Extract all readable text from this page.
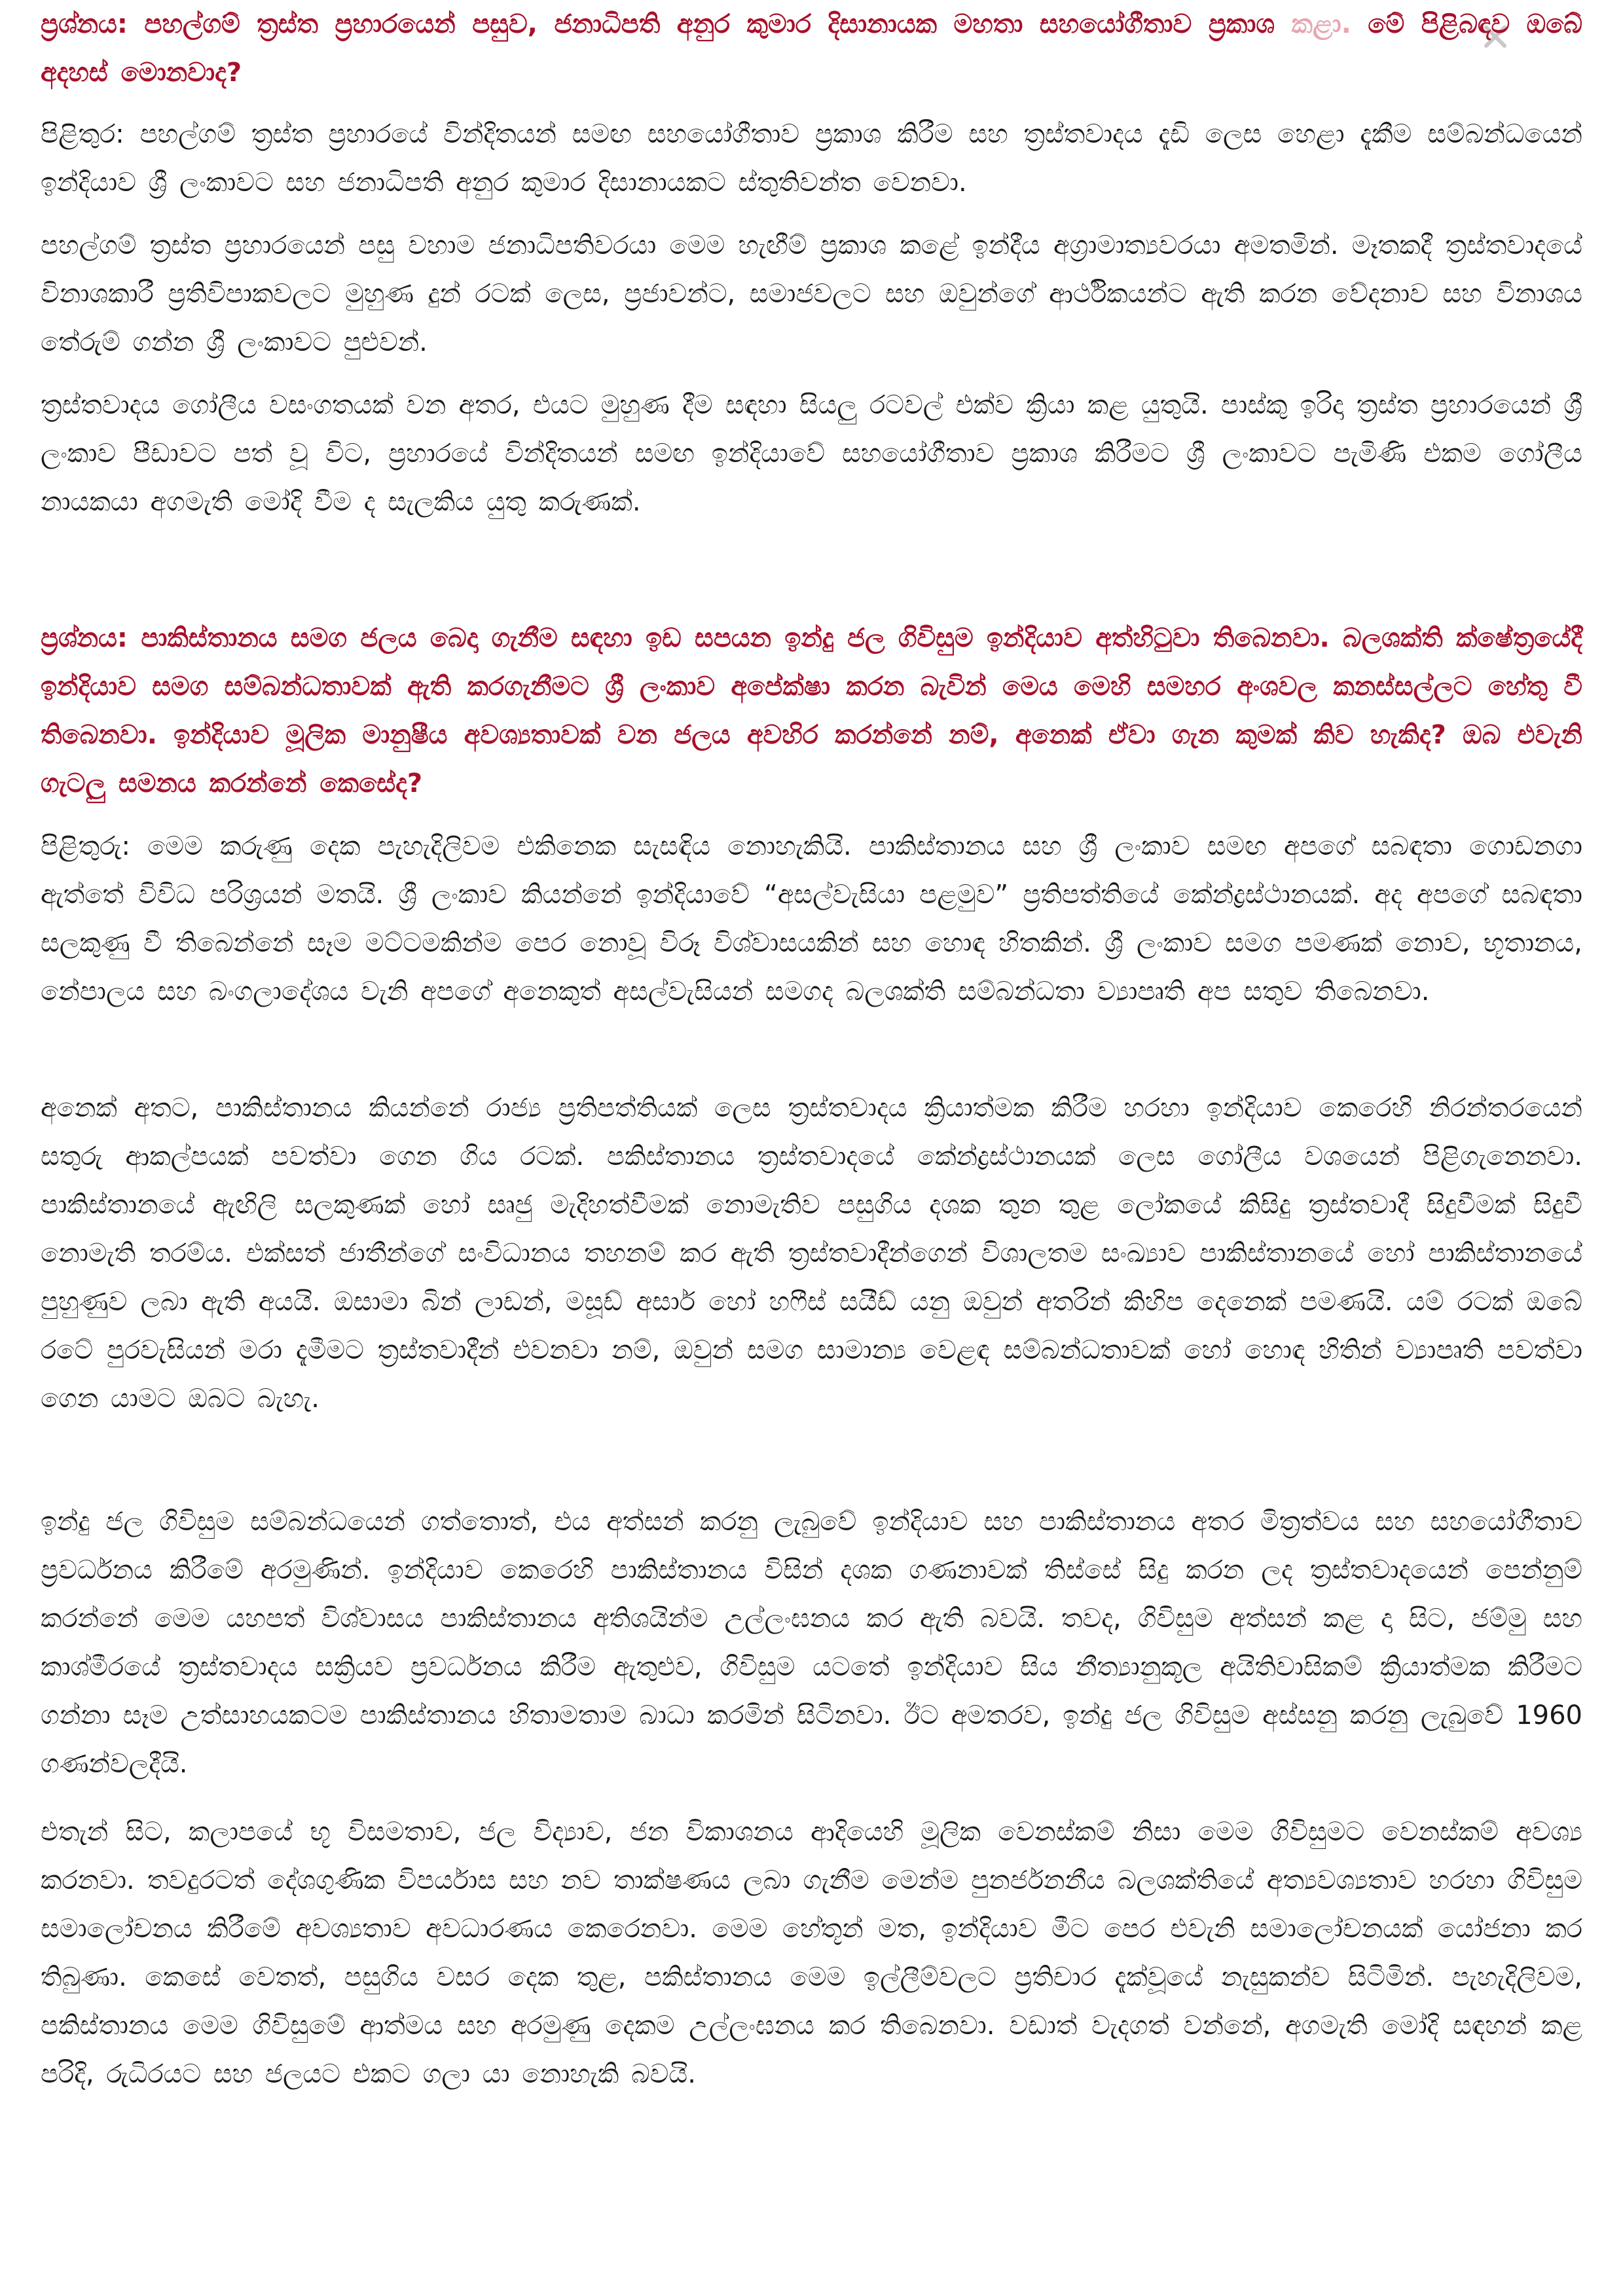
ප්‍රශ්නය: පහල්ගම් ත්‍රස්ත ප්‍රහාරයෙන් පසුව, ජනාධිපති අනුර කුමාර දිසානායක මහතා සහයෝගීතාව ප්‍රකාශ කළා. මේ පිළිබඳව ඔබේ අදහස් මොනවාද?

පිළිතුර: පහල්ගම් ත්‍රස්ත ප්‍රහාරයේ වින්දිතයන් සමඟ සහයෝගීතාව ප්‍රකාශ කිරීම සහ ත්‍රස්තවාදය දැඩි ලෙස හෙළා දැකීම සම්බන්ධයෙන් ඉන්දියාව ශ්‍රී ලංකාවට සහ ජනාධිපති අනුර කුමාර දිසානායකට ස්තුතිවන්ත වෙනවා.

පහල්ගම් ත්‍රස්ත ප්‍රහාරයෙන් පසු වහාම ජනාධිපතිවරයා මෙම හැඟීම් ප්‍රකාශ කළේ ඉන්දීය අග්‍රාමාත්‍යවරයා අමතමින්. මෑතකදී ත්‍රස්තවාදයේ විනාශකාරී ප්‍රතිවිපාකවලට මුහුණ දුන් රටක් ලෙස, ප්‍රජාවන්ට, සමාජවලට සහ ඔවුන්ගේ ආර්ථිකයන්ට ඇති කරන වේදනාව සහ විනාශය තේරුම් ගන්න ශ්‍රී ලංකාවට පුළුවන්.

ත්‍රස්තවාදය ගෝලීය වසංගතයක් වන අතර, එයට මුහුණ දීම සඳහා සියලු රටවල් එක්ව ක්‍රියා කළ යුතුයි. පාස්කු ඉරිදා ත්‍රස්ත ප්‍රහාරයෙන් ශ්‍රී ලංකාව පීඩාවට පත් වූ විට, ප්‍රහාරයේ වින්දිතයන් සමඟ ඉන්දියාවේ සහයෝගීතාව ප්‍රකාශ කිරීමට ශ්‍රී ලංකාවට පැමිණි එකම ගෝලීය නායකයා අගමැති මෝදි වීම ද සැලකිය යුතු කරුණක්.

ප්‍රශ්නය: පාකිස්තානය සමග ජලය බෙදා ගැනීම සඳහා ඉඩ සපයන ඉන්දු ජල ගිවිසුම ඉන්දියාව අත්හිටුවා තිබෙනවා. බලශක්ති ක්ෂේත්‍රයේදී ඉන්දියාව සමග සම්බන්ධතාවක් ඇති කරගැනීමට ශ්‍රී ලංකාව අපේක්ෂා කරන බැවින් මෙය මෙහි සමහර අංශවල කනස්සල්ලට හේතු වී තිබෙනවා. ඉන්දියාව මූලික මානුෂීය අවශ්‍යතාවක් වන ජලය අවහිර කරන්නේ නම්, අනෙක් ඒවා ගැන කුමක් කිව හැකිද? ඔබ එවැනි ගැටලු සමනය කරන්නේ කෙසේද?

පිළිතුරු: මෙම කරුණු දෙක පැහැදිලිවම එකිනෙක සැසඳිය නොහැකියි. පාකිස්තානය සහ ශ්‍රී ලංකාව සමඟ අපගේ සබඳතා ගොඩනගා ඇත්තේ විවිධ පරිශ්‍රයන් මතයි. ශ්‍රී ලංකාව කියන්නේ ඉන්දියාවේ “අසල්වැසියා පළමුව” ප්‍රතිපත්තියේ කේන්ද්‍රස්ථානයක්. අද අපගේ සබඳතා සලකුණු වී තිබෙන්නේ සෑම මට්ටමකින්ම පෙර නොවූ විරූ විශ්වාසයකින් සහ හොඳ හිතකින්. ශ්‍රී ලංකාව සමග පමණක් නොව, භූතානය, නේපාලය සහ බංගලාදේශය වැනි අපගේ අනෙකුත් අසල්වැසියන් සමගද බලශක්ති සම්බන්ධතා ව්‍යාපෘති අප සතුව තිබෙනවා.

අනෙක් අතට, පාකිස්තානය කියන්නේ රාජ්‍ය ප්‍රතිපත්තියක් ලෙස ත්‍රස්තවාදය ක්‍රියාත්මක කිරීම හරහා ඉන්දියාව කෙරෙහි නිරන්තරයෙන් සතුරු ආකල්පයක් පවත්වා ගෙන ගිය රටක්. පකිස්තානය ත්‍රස්තවාදයේ කේන්ද්‍රස්ථානයක් ලෙස ගෝලීය වශයෙන් පිළිගැනෙනවා. පාකිස්තානයේ ඇඟිලි සලකුණක් හෝ සෘජු මැදිහත්වීමක් නොමැතිව පසුගිය දශක තුන තුළ ලෝකයේ කිසිදු ත්‍රස්තවාදී සිදුවීමක් සිදුවී නොමැති තරම්ය. එක්සත් ජාතීන්ගේ සංවිධානය තහනම් කර ඇති ත්‍රස්තවාදීන්ගෙන් විශාලතම සංඛ්‍යාව පාකිස්තානයේ හෝ පාකිස්තානයේ පුහුණුව ලබා ඇති අයයි. ඔසාමා බින් ලාඩන්, මසූඩ් අසාර් හෝ හෆීස් සයීඩ් යනු ඔවුන් අතරින් කිහිප දෙනෙක් පමණයි. යම් රටක් ඔබේ රටේ පුරවැසියන් මරා දැමීමට ත්‍රස්තවාදීන් එවනවා නම්, ඔවුන් සමග සාමාන්‍ය වෙළඳ සම්බන්ධතාවක් හෝ හොඳ හිතින් ව්‍යාපෘති පවත්වා ගෙන යාමට ඔබට බැහැ.

ඉන්දු ජල ගිවිසුම සම්බන්ධයෙන් ගත්තොත්, එය අත්සන් කරනු ලැබුවේ ඉන්දියාව සහ පාකිස්තානය අතර මිත්‍රත්වය සහ සහයෝගීතාව ප්‍රවර්ධනය කිරීමේ අරමුණින්. ඉන්දියාව කෙරෙහි පාකිස්තානය විසින් දශක ගණනාවක් තිස්සේ සිදු කරන ලද ත්‍රස්තවාදයෙන් පෙන්නුම් කරන්නේ මෙම යහපත් විශ්වාසය පාකිස්තානය අතිශයින්ම උල්ලංඝනය කර ඇති බවයි. තවද, ගිවිසුම අත්සන් කළ දා සිට, ජම්මු සහ කාශ්මීරයේ ත්‍රස්තවාදය සක්‍රියව ප්‍රවර්ධනය කිරීම ඇතුළුව, ගිවිසුම යටතේ ඉන්දියාව සිය නීත්‍යානුකූල අයිතිවාසිකම් ක්‍රියාත්මක කිරීමට ගන්නා සෑම උත්සාහයකටම පාකිස්තානය හිතාමතාම බාධා කරමින් සිටිනවා. ඊට අමතරව, ඉන්දු ජල ගිවිසුම අස්සනු කරනු ලැබුවේ 1960 ගණන්වලදීයි.

එතැන් සිට, කලාපයේ භූ විසමතාව, ජල විද්‍යාව, ජන විකාශනය ආදියෙහි මූලික වෙනස්කම් නිසා මෙම ගිවිසුමට වෙනස්කම් අවශ්‍ය කරනවා. තවදුරටත් දේශගුණික විපර්යාස සහ නව තාක්ෂණය ලබා ගැනීම මෙන්ම පුනර්ජනනීය බලශක්තියේ අත්‍යවශ්‍යතාව හරහා ගිවිසුම සමාලෝචනය කිරීමේ අවශ්‍යතාව අවධාරණය කෙරෙනවා. මෙම හේතූන් මත, ඉන්දියාව මීට පෙර එවැනි සමාලෝචනයක් යෝජනා කර තිබුණා. කෙසේ වෙතත්, පසුගිය වසර දෙක තුළ, පකිස්තානය මෙම ඉල්ලීම්වලට ප්‍රතිචාර දැක්වූයේ නැසුකන්ව සිටිමින්. පැහැදිලිවම, පකිස්තානය මෙම ගිවිසුමේ ආත්මය සහ අරමුණු දෙකම උල්ලංඝනය කර තිබෙනවා. වඩාත් වැදගත් වන්නේ, අගමැති මෝදි සඳහන් කළ පරිදි, රුධිරයට සහ ජලයට එකට ගලා යා නොහැකි බවයි.
